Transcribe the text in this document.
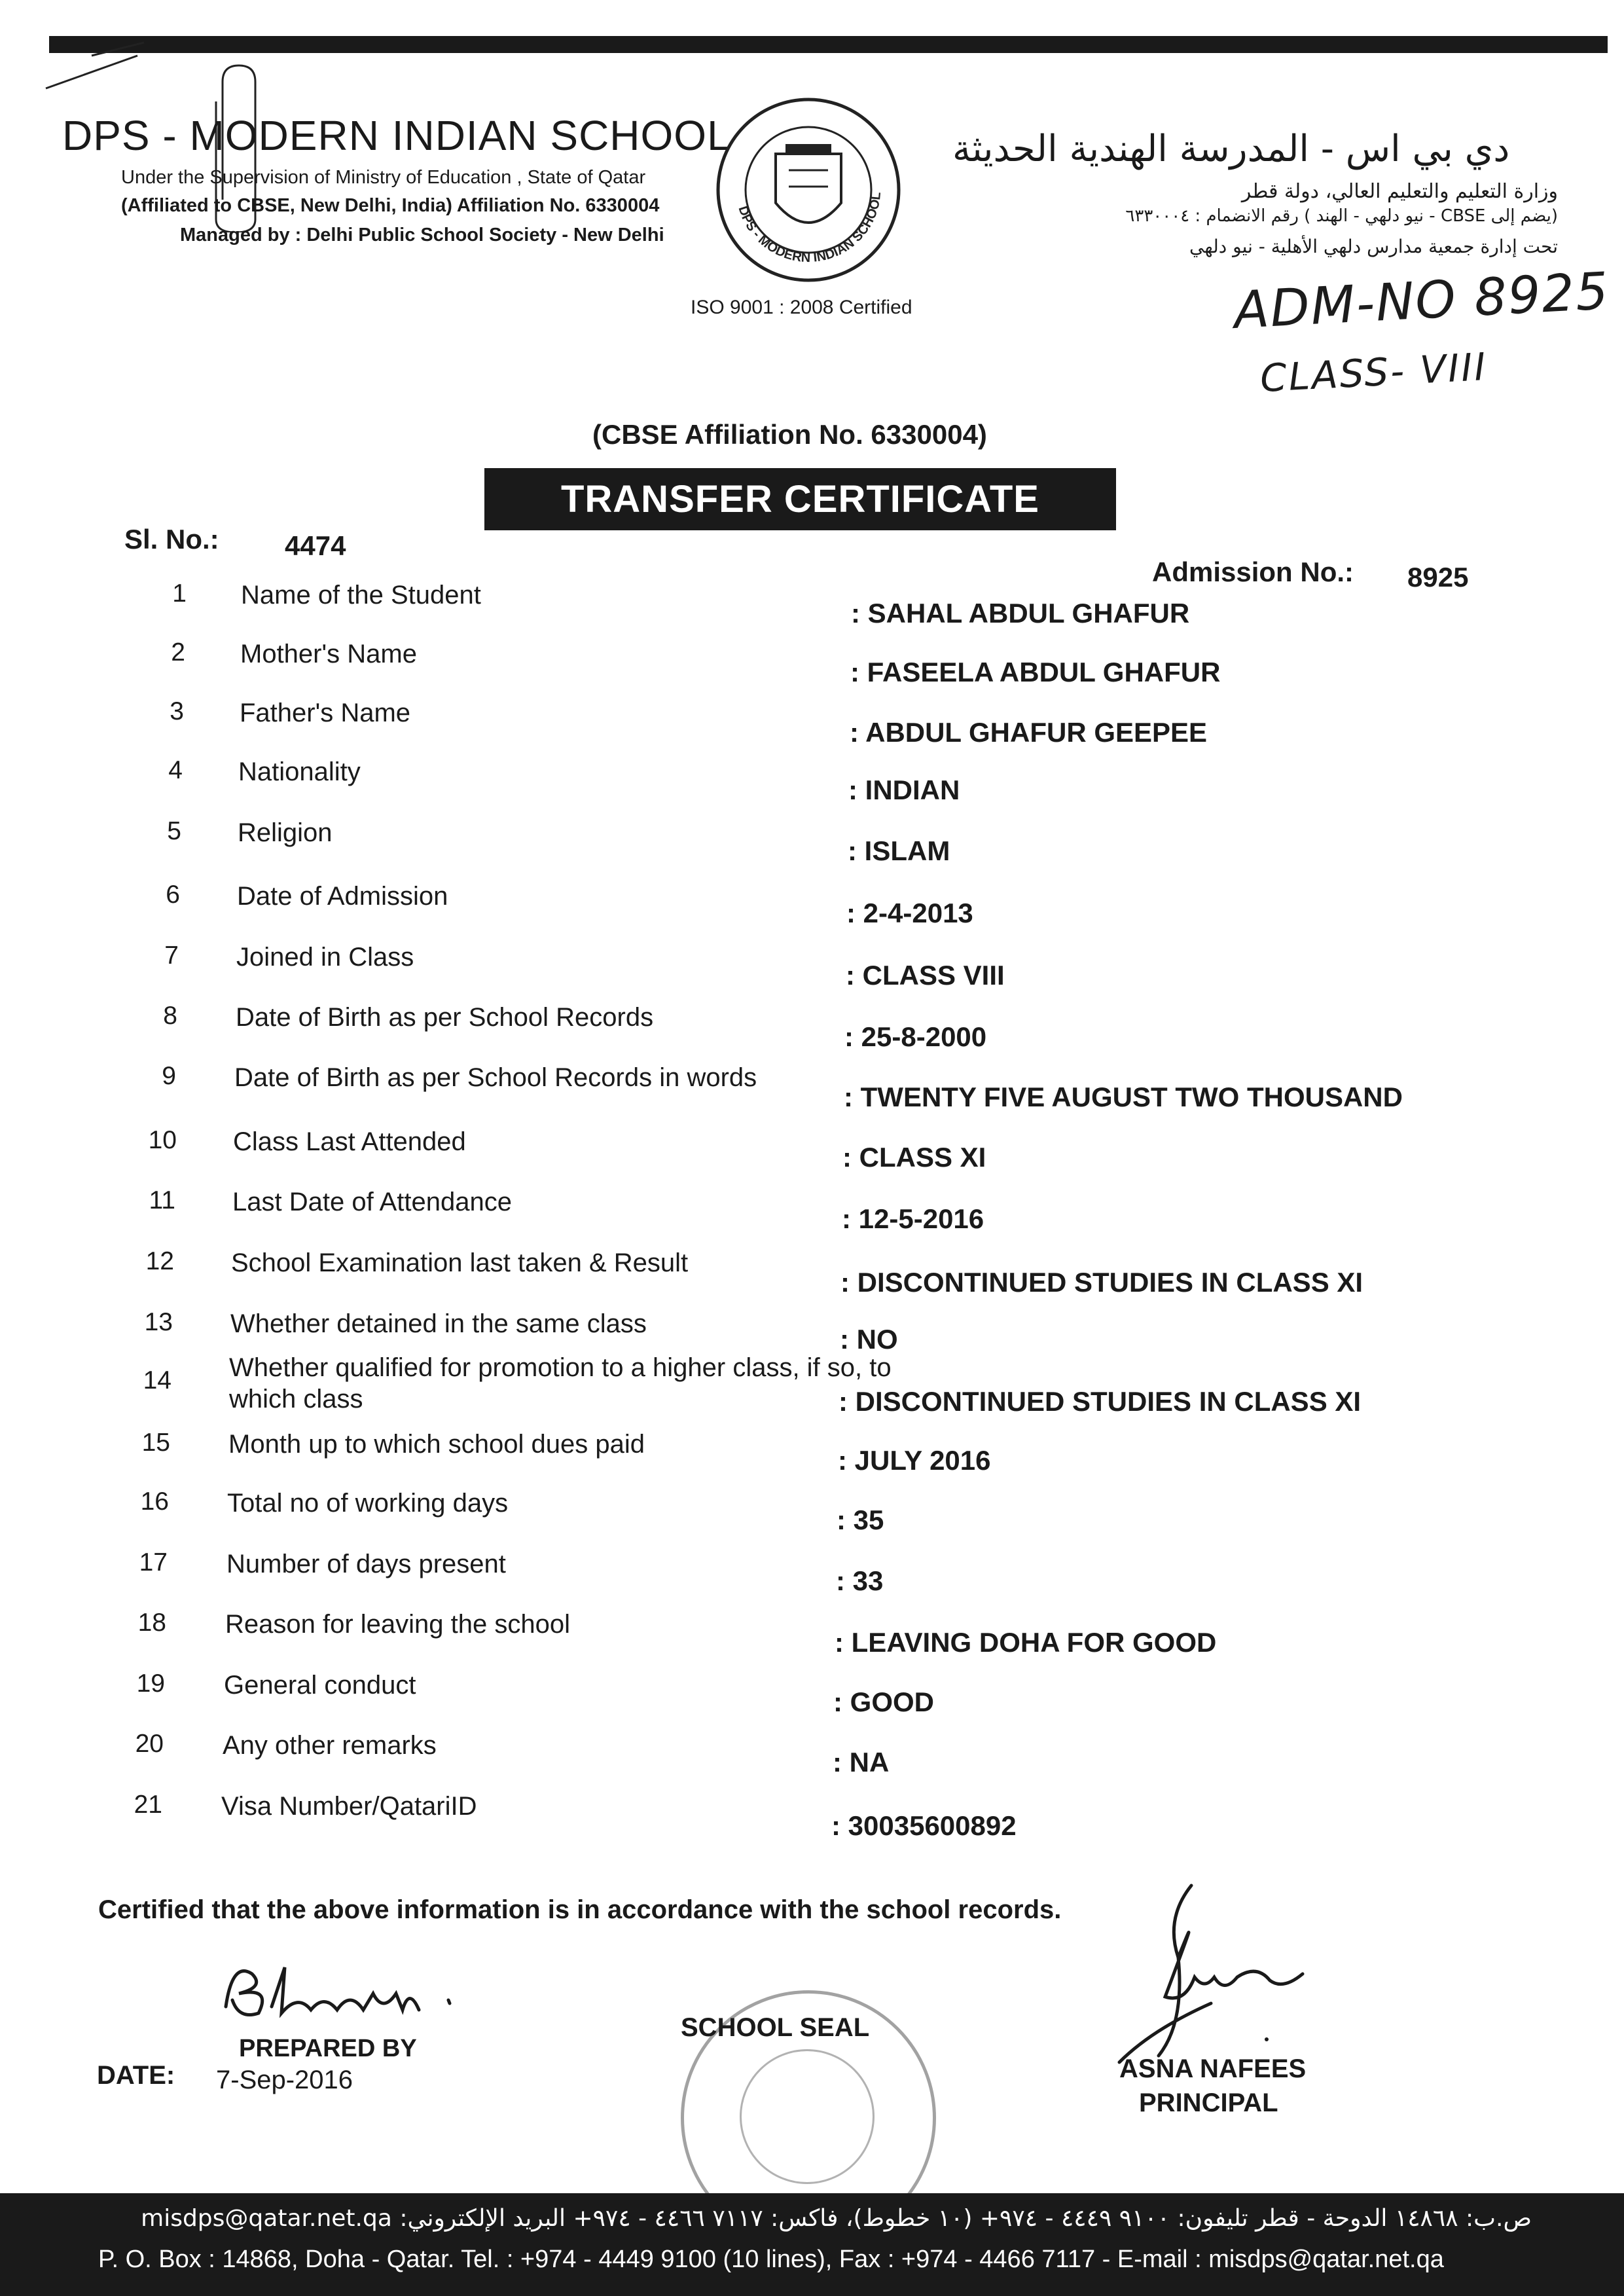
DPS - MODERN INDIAN SCHOOL
Under the Supervision of Ministry of Education , State of Qatar
(Affiliated to CBSE, New Delhi, India) Affiliation No. 6330004
Managed by : Delhi Public School Society - New Delhi
DPS - MODERN INDIAN SCHOOL
ISO 9001 : 2008 Certified
دي بي اس - المدرسة الهندية الحديثة
وزارة التعليم والتعليم العالي، دولة قطر
(يضم إلى CBSE - نيو دلهي - الهند ) رقم الانضمام : ٦٣٣٠٠٠٤
تحت إدارة جمعية مدارس دلهي الأهلية - نيو دلهي
ADM-NO 8925
CLASS- VIII
(CBSE Affiliation No. 6330004)
TRANSFER CERTIFICATE
Sl. No.: 4474
Admission No.: 8925
1 Name of the Student
: SAHAL ABDUL GHAFUR
2 Mother's Name
: FASEELA ABDUL GHAFUR
3 Father's Name
: ABDUL GHAFUR GEEPEE
4 Nationality
: INDIAN
5 Religion
: ISLAM
6 Date of Admission
: 2-4-2013
7 Joined in Class
: CLASS VIII
8 Date of Birth as per School Records
: 25-8-2000
9 Date of Birth as per School Records in words
: TWENTY FIVE AUGUST TWO THOUSAND
10 Class Last Attended	: CLASS XI
11 Last Date of Attendance
: 12-5-2016
12 School Examination last taken & Result
: DISCONTINUED STUDIES IN CLASS XI
13 Whether detained in the same class	: NO
14 Whether qualified for promotion to a higher class, if so, to which class	: DISCONTINUED STUDIES IN CLASS XI
15 Month up to which school dues paid
: JULY 2016
16 Total no of working days
: 35
17 Number of days present
: 33
18 Reason for leaving the school
: LEAVING DOHA FOR GOOD
19 General conduct
: GOOD
20 Any other remarks
: NA
21 Visa Number/QatariID
: 30035600892
Certified that the above information is in accordance with the school records.
PREPARED BY
DATE: 7-Sep-2016
SCHOOL SEAL
ASNA NAFEES
PRINCIPAL
ص.ب: ١٤٨٦٨ الدوحة - قطر تليفون: ٩١٠٠ ٤٤٤٩ - ٩٧٤+ (١٠ خطوط)، فاكس: ٧١١٧ ٤٤٦٦ - ٩٧٤+ البريد الإلكتروني: misdps@qatar.net.qa
P. O. Box : 14868, Doha - Qatar. Tel. : +974 - 4449 9100 (10 lines), Fax : +974 - 4466 7117 - E-mail : misdps@qatar.net.qa
